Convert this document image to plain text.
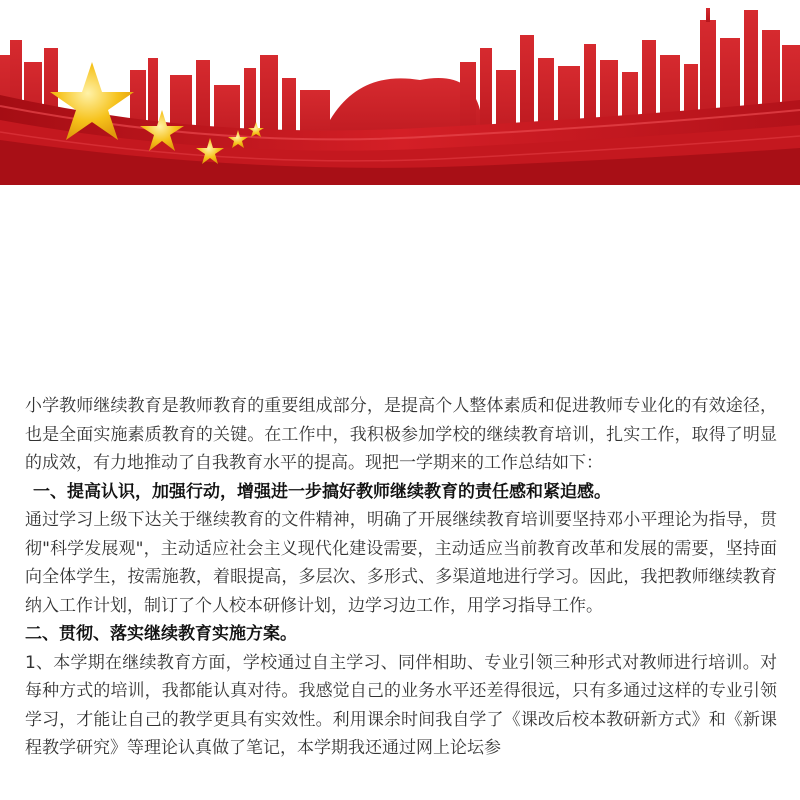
小学教师继续教育是教师教育的重要组成部分，是提高个人整体素质和促进教师专业化的有效途径，也是全面实施素质教育的关键。在工作中，我积极参加学校的继续教育培训，扎实工作，取得了明显的成效，有力地推动了自我教育水平的提高。现把一学期来的工作总结如下：

一、提高认识，加强行动，增强进一步搞好教师继续教育的责任感和紧迫感。

通过学习上级下达关于继续教育的文件精神，明确了开展继续教育培训要坚持邓小平理论为指导，贯彻"科学发展观"，主动适应社会主义现代化建设需要，主动适应当前教育改革和发展的需要，坚持面向全体学生，按需施教，着眼提高，多层次、多形式、多渠道地进行学习。因此，我把教师继续教育纳入工作计划，制订了个人校本研修计划，边学习边工作，用学习指导工作。

二、贯彻、落实继续教育实施方案。

1、本学期在继续教育方面，学校通过自主学习、同伴相助、专业引领三种形式对教师进行培训。对每种方式的培训，我都能认真对待。我感觉自己的业务水平还差得很远，只有多通过这样的专业引领学习，才能让自己的教学更具有实效性。利用课余时间我自学了《课改后校本教研新方式》和《新课程教学研究》等理论认真做了笔记，本学期我还通过网上论坛参
